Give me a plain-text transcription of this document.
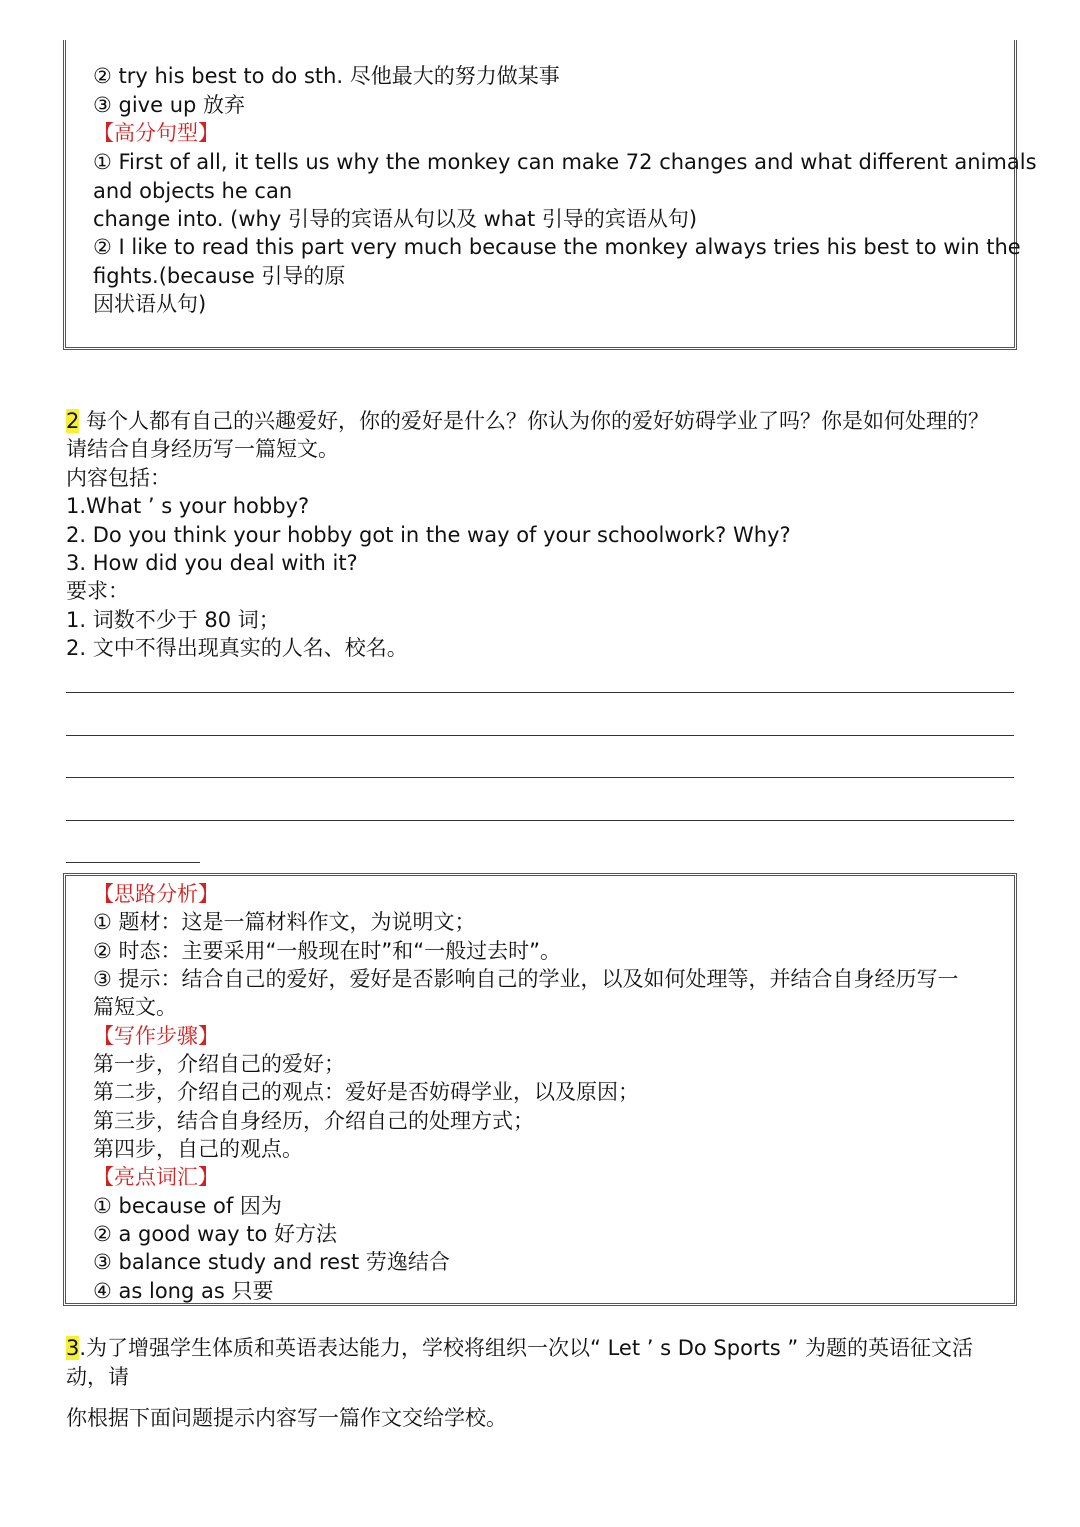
② try his best to do sth. 尽他最大的努力做某事
③ give up 放弃
【高分句型】
① First of all, it tells us why the monkey can make 72 changes and what different animals
and objects he can
change into. (why 引导的宾语从句以及 what 引导的宾语从句)
② I like to read this part very much because the monkey always tries his best to win the
fights.(because 引导的原
因状语从句)
2 每个人都有自己的兴趣爱好，你的爱好是什么？你认为你的爱好妨碍学业了吗？你是如何处理的？
请结合自身经历写一篇短文。
内容包括：
1.What ’ s your hobby?
2. Do you think your hobby got in the way of your schoolwork? Why?
3. How did you deal with it?
要求：
1. 词数不少于 80 词；
2. 文中不得出现真实的人名、校名。
【思路分析】
① 题材：这是一篇材料作文，为说明文；
② 时态：主要采用“一般现在时”和“一般过去时”。
③ 提示：结合自己的爱好，爱好是否影响自己的学业，以及如何处理等，并结合自身经历写一
篇短文。
【写作步骤】
第一步，介绍自己的爱好；
第二步，介绍自己的观点：爱好是否妨碍学业，以及原因；
第三步，结合自身经历，介绍自己的处理方式；
第四步，自己的观点。
【亮点词汇】
① because of 因为
② a good way to 好方法
③ balance study and rest 劳逸结合
④ as long as 只要
3.为了增强学生体质和英语表达能力，学校将组织一次以“ Let ’ s Do Sports ” 为题的英语征文活
动，请
你根据下面问题提示内容写一篇作文交给学校。
